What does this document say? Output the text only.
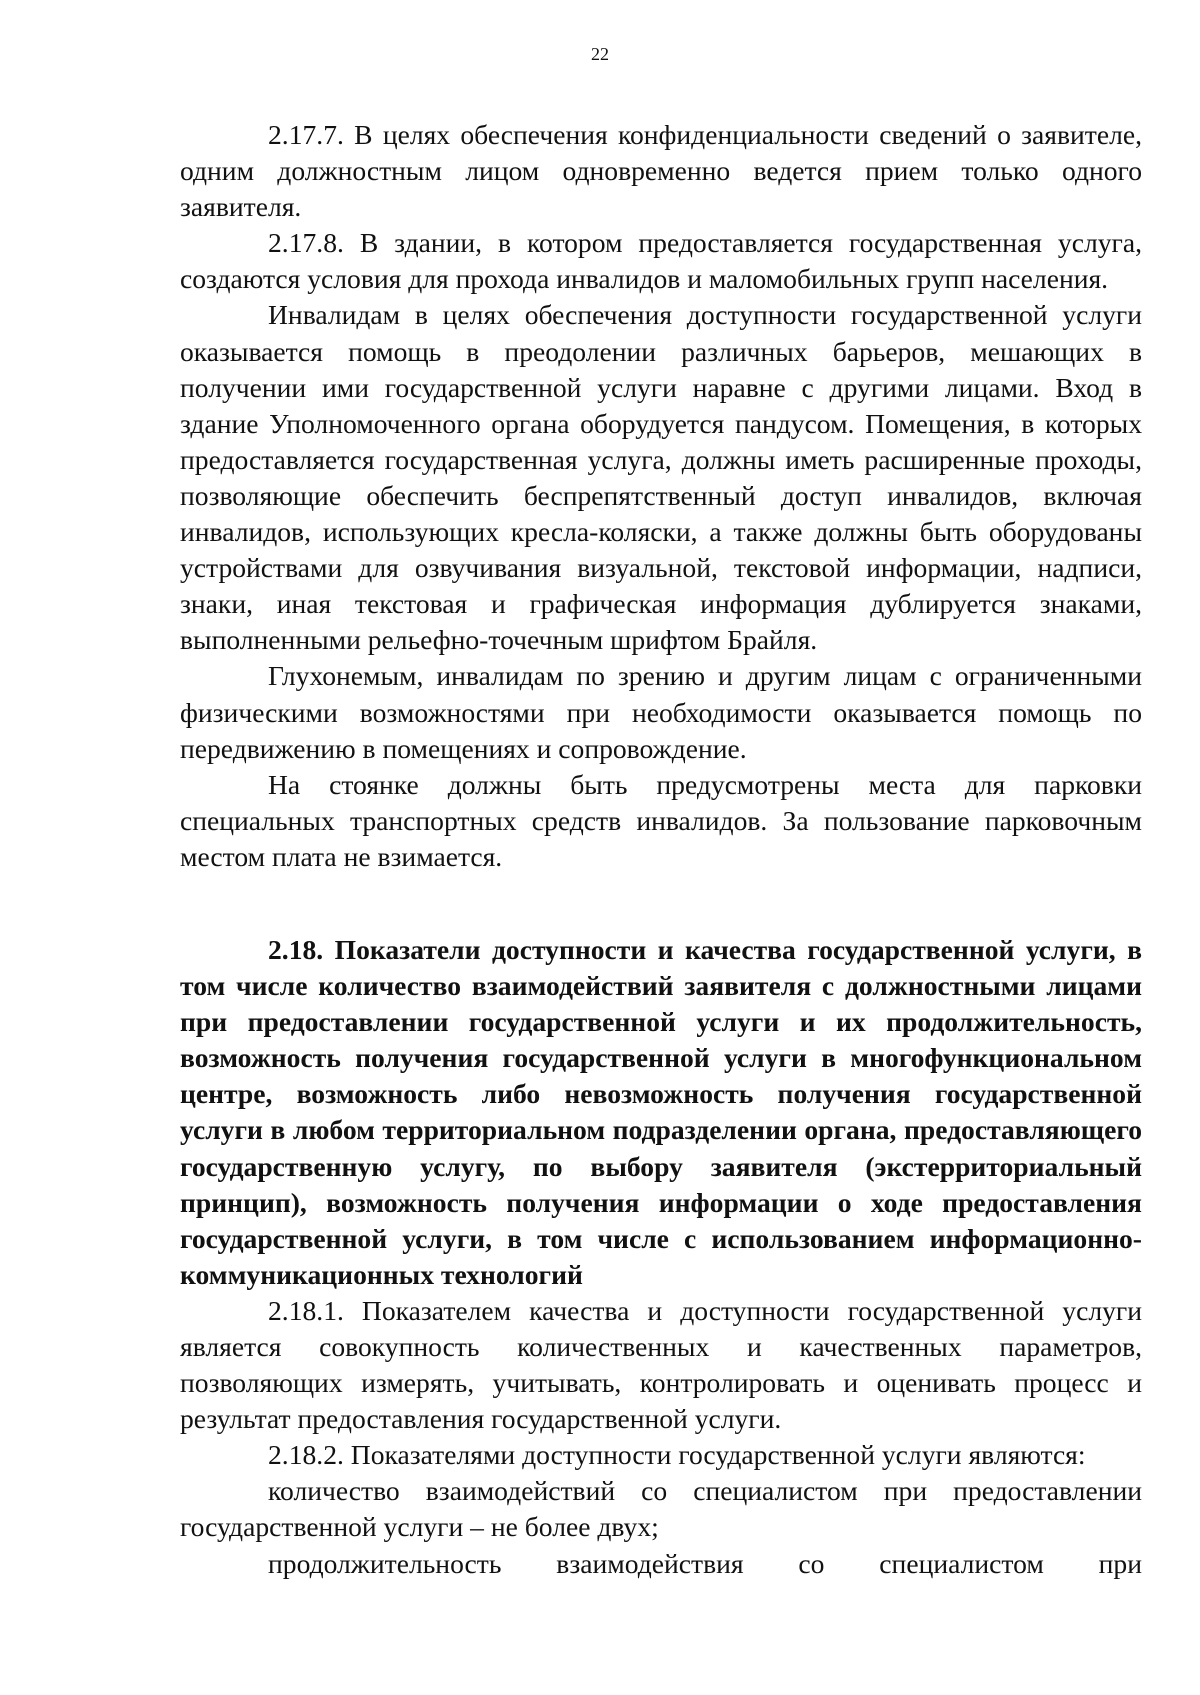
22

2.17.7. В целях обеспечения конфиденциальности сведений о заявителе, одним должностным лицом одновременно ведется прием только одного заявителя.

2.17.8. В здании, в котором предоставляется государственная услуга, создаются условия для прохода инвалидов и маломобильных групп населения.

Инвалидам в целях обеспечения доступности государственной услуги оказывается помощь в преодолении различных барьеров, мешающих в получении ими государственной услуги наравне с другими лицами. Вход в здание Уполномоченного органа оборудуется пандусом. Помещения, в которых предоставляется государственная услуга, должны иметь расширенные проходы, позволяющие обеспечить беспрепятственный доступ инвалидов, включая инвалидов, использующих кресла-коляски, а также должны быть оборудованы устройствами для озвучивания визуальной, текстовой информации, надписи, знаки, иная текстовая и графическая информация дублируется знаками, выполненными рельефно-точечным шрифтом Брайля.

Глухонемым, инвалидам по зрению и другим лицам с ограниченными физическими возможностями при необходимости оказывается помощь по передвижению в помещениях и сопровождение.

На стоянке должны быть предусмотрены места для парковки специальных транспортных средств инвалидов. За пользование парковочным местом плата не взимается.

2.18. Показатели доступности и качества государственной услуги, в том числе количество взаимодействий заявителя с должностными лицами при предоставлении государственной услуги и их продолжительность, возможность получения государственной услуги в многофункциональном центре, возможность либо невозможность получения государственной услуги в любом территориальном подразделении органа, предоставляющего государственную услугу, по выбору заявителя (экстерриториальный принцип), возможность получения информации о ходе предоставления государственной услуги, в том числе с использованием информационно-коммуникационных технологий

2.18.1. Показателем качества и доступности государственной услуги является совокупность количественных и качественных параметров, позволяющих измерять, учитывать, контролировать и оценивать процесс и результат предоставления государственной услуги.

2.18.2. Показателями доступности государственной услуги являются:

количество взаимодействий со специалистом при предоставлении государственной услуги – не более двух;

продолжительность взаимодействия со специалистом при
